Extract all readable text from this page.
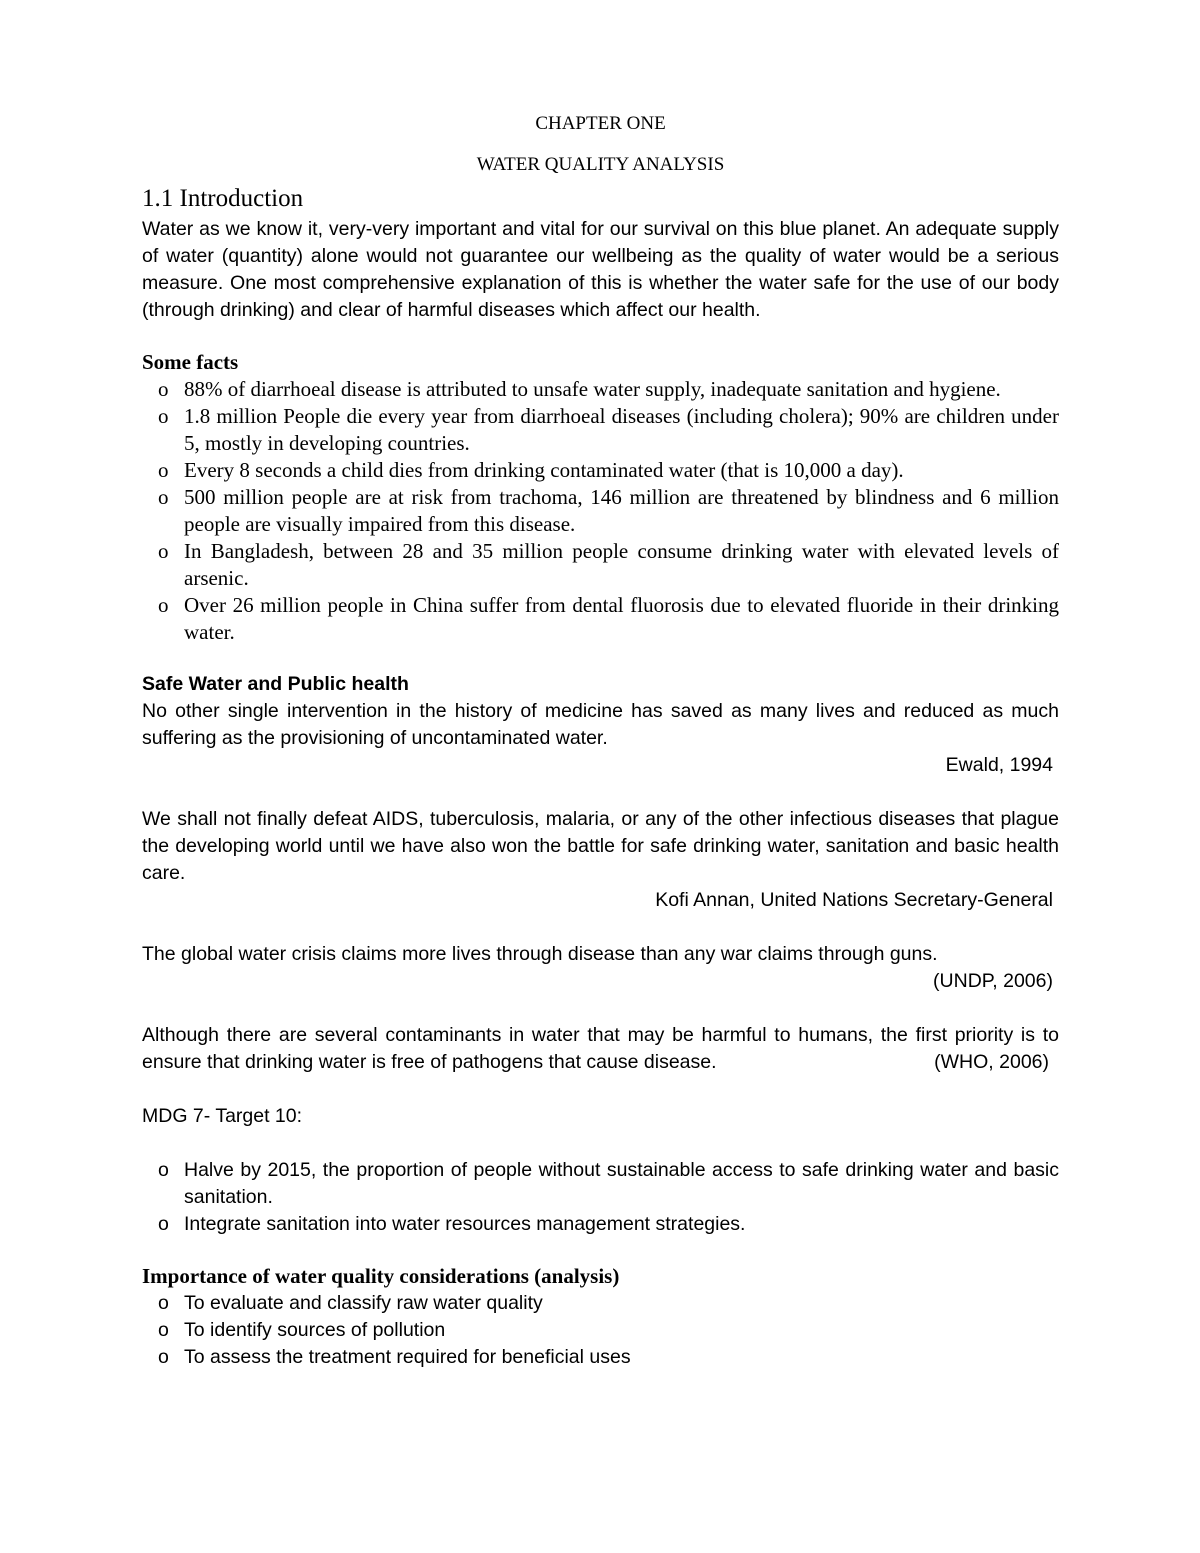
CHAPTER ONE

WATER QUALITY ANALYSIS

1.1 Introduction

Water as we know it, very-very important and vital for our survival on this blue planet. An adequate supply of water (quantity) alone would not guarantee our wellbeing as the quality of water would be a serious measure. One most comprehensive explanation of this is whether the water safe for the use of our body (through drinking) and clear of harmful diseases which affect our health.

Some facts

o 88% of diarrhoeal disease is attributed to unsafe water supply, inadequate sanitation and hygiene.
o 1.8 million People die every year from diarrhoeal diseases (including cholera); 90% are children under 5, mostly in developing countries.
o Every 8 seconds a child dies from drinking contaminated water (that is 10,000 a day).
o 500 million people are at risk from trachoma, 146 million are threatened by blindness and 6 million people are visually impaired from this disease.
o In Bangladesh, between 28 and 35 million people consume drinking water with elevated levels of arsenic.
o Over 26 million people in China suffer from dental fluorosis due to elevated fluoride in their drinking water.

Safe Water and Public health

No other single intervention in the history of medicine has saved as many lives and reduced as much suffering as the provisioning of uncontaminated water.

Ewald, 1994

We shall not finally defeat AIDS, tuberculosis, malaria, or any of the other infectious diseases that plague the developing world until we have also won the battle for safe drinking water, sanitation and basic health care.

Kofi Annan, United Nations Secretary-General

The global water crisis claims more lives through disease than any war claims through guns.

(UNDP, 2006)

Although there are several contaminants in water that may be harmful to humans, the first priority is to ensure that drinking water is free of pathogens that cause disease.	(WHO, 2006)

MDG 7- Target 10:

o Halve by 2015, the proportion of people without sustainable access to safe drinking water and basic sanitation.
o Integrate sanitation into water resources management strategies.

Importance of water quality considerations (analysis)

o To evaluate and classify raw water quality
o To identify sources of pollution
o To assess the treatment required for beneficial uses
